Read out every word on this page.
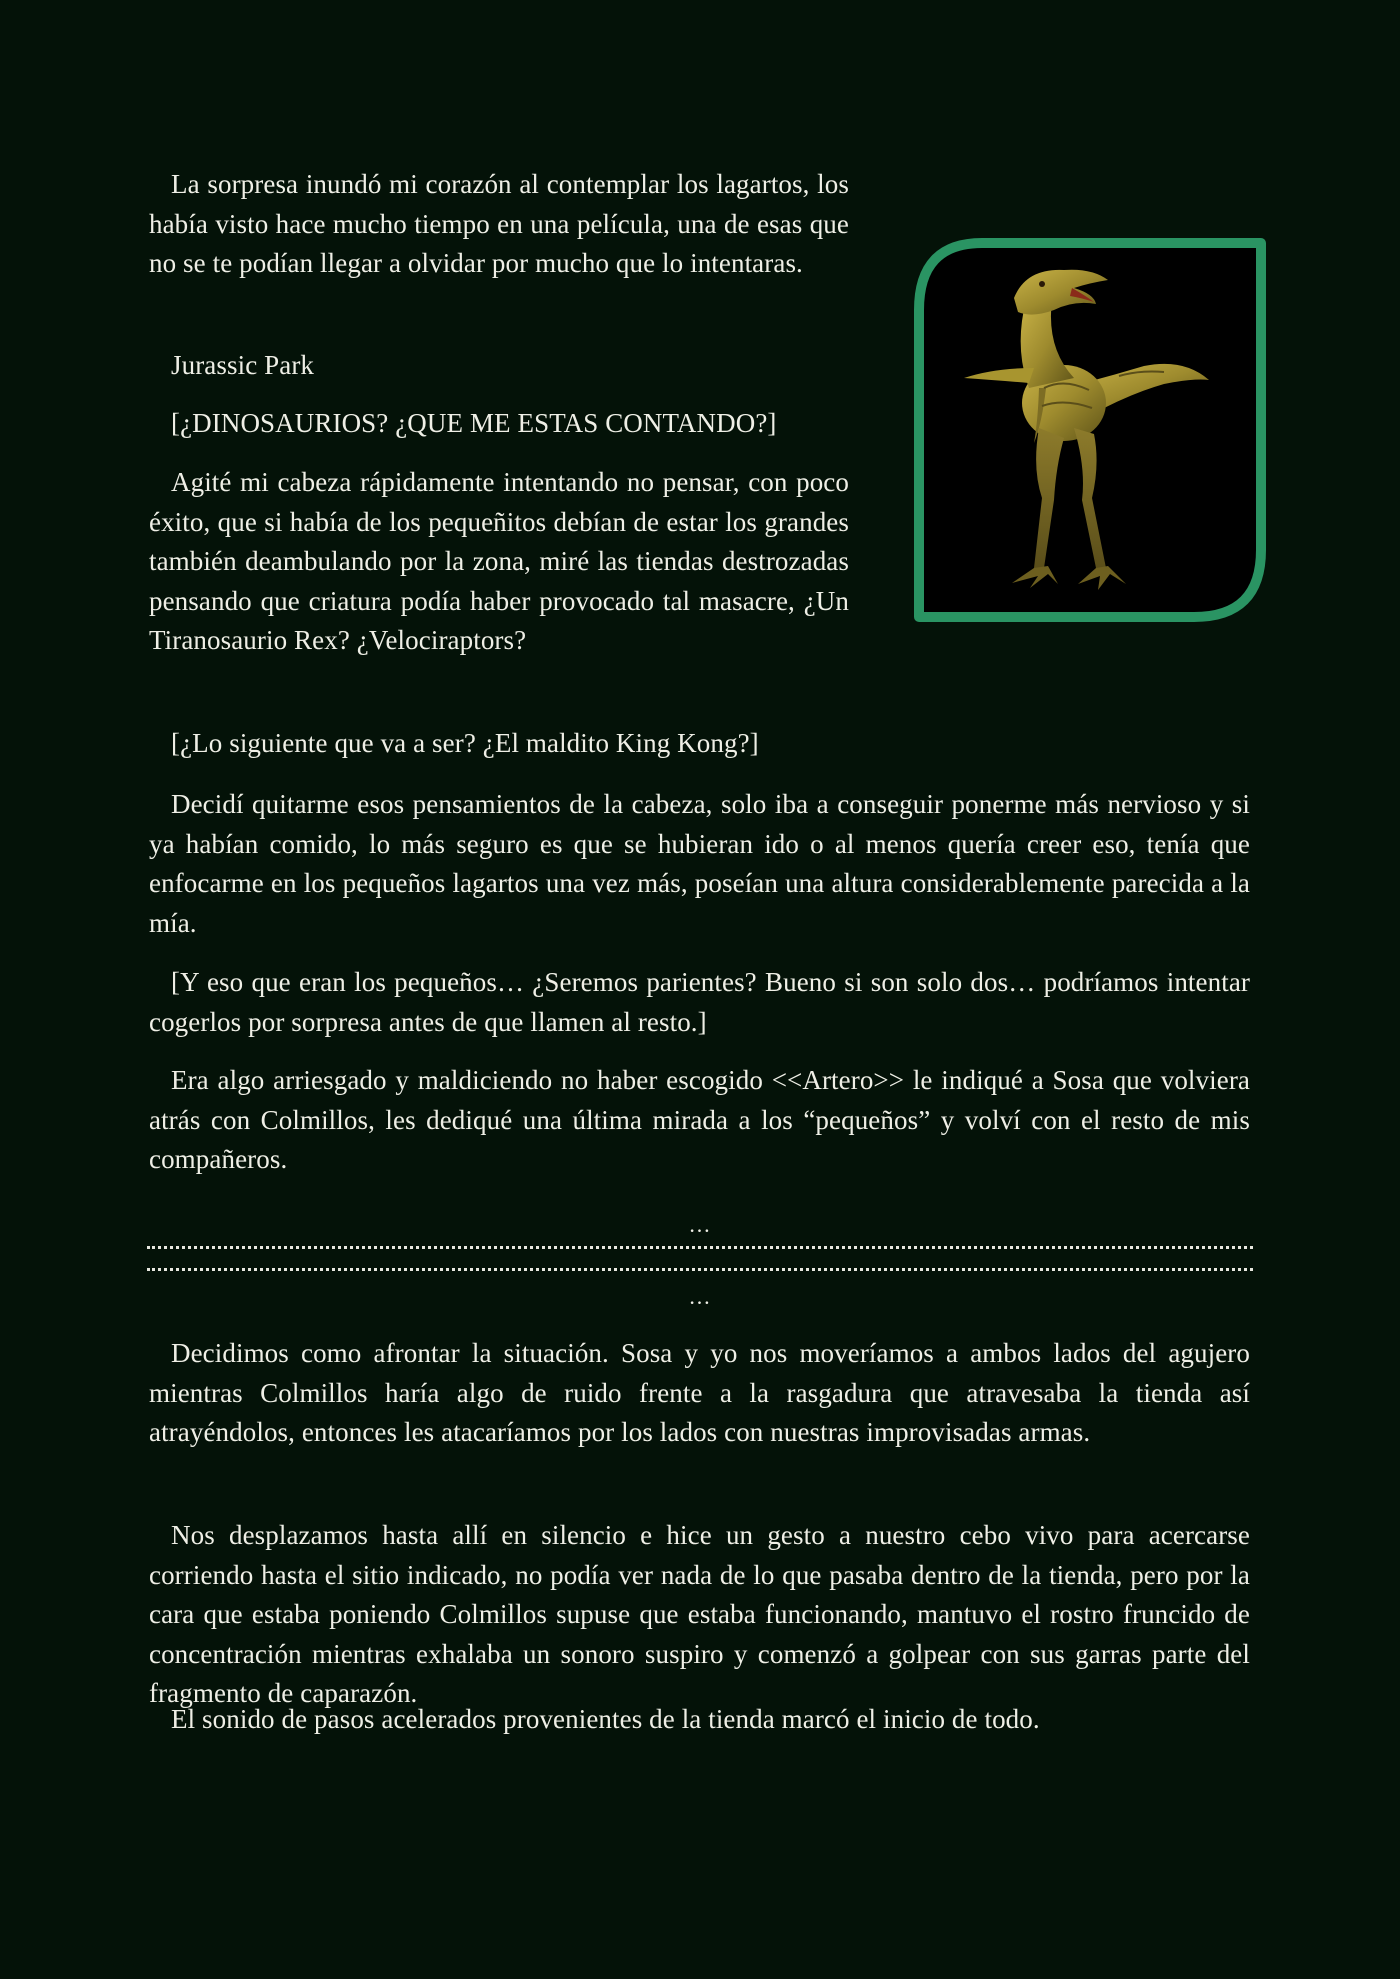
La sorpresa inundó mi corazón al contemplar los lagartos, los había visto hace mucho tiempo en una película, una de esas que no se te podían llegar a olvidar por mucho que lo intentaras.

Jurassic Park

[¿DINOSAURIOS? ¿QUE ME ESTAS CONTANDO?]

Agité mi cabeza rápidamente intentando no pensar, con poco éxito, que si había de los pequeñitos debían de estar los grandes también deambulando por la zona, miré las tiendas destrozadas pensando que criatura podía haber provocado tal masacre, ¿Un Tiranosaurio Rex? ¿Velociraptors?

[¿Lo siguiente que va a ser? ¿El maldito King Kong?]

Decidí quitarme esos pensamientos de la cabeza, solo iba a conseguir ponerme más nervioso y si ya habían comido, lo más seguro es que se hubieran ido o al menos quería creer eso, tenía que enfocarme en los pequeños lagartos una vez más, poseían una altura considerablemente parecida a la mía.

[Y eso que eran los pequeños… ¿Seremos parientes? Bueno si son solo dos… podríamos intentar cogerlos por sorpresa antes de que llamen al resto.]

Era algo arriesgado y maldiciendo no haber escogido <<Artero>> le indiqué a Sosa que volviera atrás con Colmillos, les dediqué una última mirada a los “pequeños” y volví con el resto de mis compañeros.

…
…

Decidimos como afrontar la situación. Sosa y yo nos moveríamos a ambos lados del agujero mientras Colmillos haría algo de ruido frente a la rasgadura que atravesaba la tienda así atrayéndolos, entonces les atacaríamos por los lados con nuestras improvisadas armas.

Nos desplazamos hasta allí en silencio e hice un gesto a nuestro cebo vivo para acercarse corriendo hasta el sitio indicado, no podía ver nada de lo que pasaba dentro de la tienda, pero por la cara que estaba poniendo Colmillos supuse que estaba funcionando, mantuvo el rostro fruncido de concentración mientras exhalaba un sonoro suspiro y comenzó a golpear con sus garras parte del fragmento de caparazón.

El sonido de pasos acelerados provenientes de la tienda marcó el inicio de todo.
